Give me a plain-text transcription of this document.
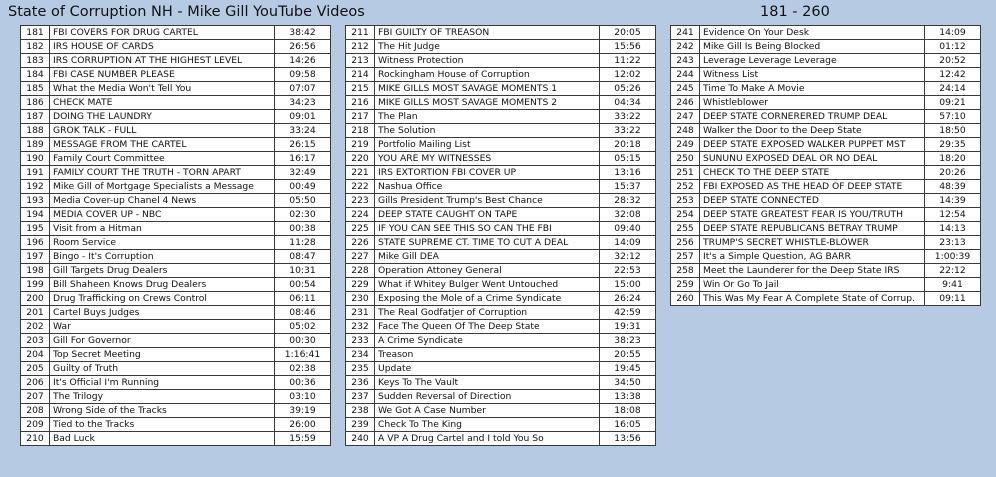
State of Corruption NH - Mike Gill YouTube Videos	181 - 260
181	FBI COVERS FOR DRUG CARTEL	38:42
182	IRS HOUSE OF CARDS	26:56
183	IRS CORRUPTION AT THE HIGHEST LEVEL	14:26
184	FBI CASE NUMBER PLEASE	09:58
185	What the Media Won't Tell You	07:07
186	CHECK MATE	34:23
187	DOING THE LAUNDRY	09:01
188	GROK TALK - FULL	33:24
189	MESSAGE FROM THE CARTEL	26:15
190	Family Court Committee	16:17
191	FAMILY COURT THE TRUTH - TORN APART	32:49
192	Mike Gill of Mortgage Specialists a Message	00:49
193	Media Cover-up Chanel 4 News	05:50
194	MEDIA COVER UP - NBC	02:30
195	Visit from a Hitman	00:38
196	Room Service	11:28
197	Bingo - It's Corruption	08:47
198	Gill Targets Drug Dealers	10:31
199	Bill Shaheen Knows Drug Dealers	00:54
200	Drug Trafficking on Crews Control	06:11
201	Cartel Buys Judges	08:46
202	War	05:02
203	Gill For Governor	00:30
204	Top Secret Meeting	1:16:41
205	Guilty of Truth	02:38
206	It's Official I'm Running	00:36
207	The Trilogy	03:10
208	Wrong Side of the Tracks	39:19
209	Tied to the Tracks	26:00
210	Bad Luck	15:59
211	FBI GUILTY OF TREASON	20:05
212	The Hit Judge	15:56
213	Witness Protection	11:22
214	Rockingham House of Corruption	12:02
215	MIKE GILLS MOST SAVAGE MOMENTS 1	05:26
216	MIKE GILLS MOST SAVAGE MOMENTS 2	04:34
217	The Plan	33:22
218	The Solution	33:22
219	Portfolio Mailing List	20:18
220	YOU ARE MY WITNESSES	05:15
221	IRS EXTORTION FBI COVER UP	13:16
222	Nashua Office	15:37
223	Gills President Trump's Best Chance	28:32
224	DEEP STATE CAUGHT ON TAPE	32:08
225	IF YOU CAN SEE THIS SO CAN THE FBI	09:40
226	STATE SUPREME CT. TIME TO CUT A DEAL	14:09
227	Mike Gill DEA	32:12
228	Operation Attoney General	22:53
229	What if Whitey Bulger Went Untouched	15:00
230	Exposing the Mole of a Crime Syndicate	26:24
231	The Real Godfatjer of Corruption	42:59
232	Face The Queen Of The Deep State	19:31
233	A Crime Syndicate	38:23
234	Treason	20:55
235	Update	19:45
236	Keys To The Vault	34:50
237	Sudden Reversal of Direction	13:38
238	We Got A Case Number	18:08
239	Check To The King	16:05
240	A VP A Drug Cartel and I told You So	13:56
241	Evidence On Your Desk	14:09
242	Mike Gill Is Being Blocked	01:12
243	Leverage Leverage Leverage	20:52
244	Witness List	12:42
245	Time To Make A Movie	24:14
246	Whistleblower	09:21
247	DEEP STATE CORNERERED TRUMP DEAL	57:10
248	Walker the Door to the Deep State	18:50
249	DEEP STATE EXPOSED WALKER PUPPET MST	29:35
250	SUNUNU EXPOSED DEAL OR NO DEAL	18:20
251	CHECK TO THE DEEP STATE	20:26
252	FBI EXPOSED AS THE HEAD OF DEEP STATE	48:39
253	DEEP STATE CONNECTED	14:39
254	DEEP STATE GREATEST FEAR IS YOU/TRUTH	12:54
255	DEEP STATE REPUBLICANS BETRAY TRUMP	14:13
256	TRUMP'S SECRET WHISTLE-BLOWER	23:13
257	It's a Simple Question, AG BARR	1:00:39
258	Meet the Launderer for the Deep State IRS	22:12
259	Win Or Go To Jail	9:41
260	This Was My Fear A Complete State of Corrup.	09:11
